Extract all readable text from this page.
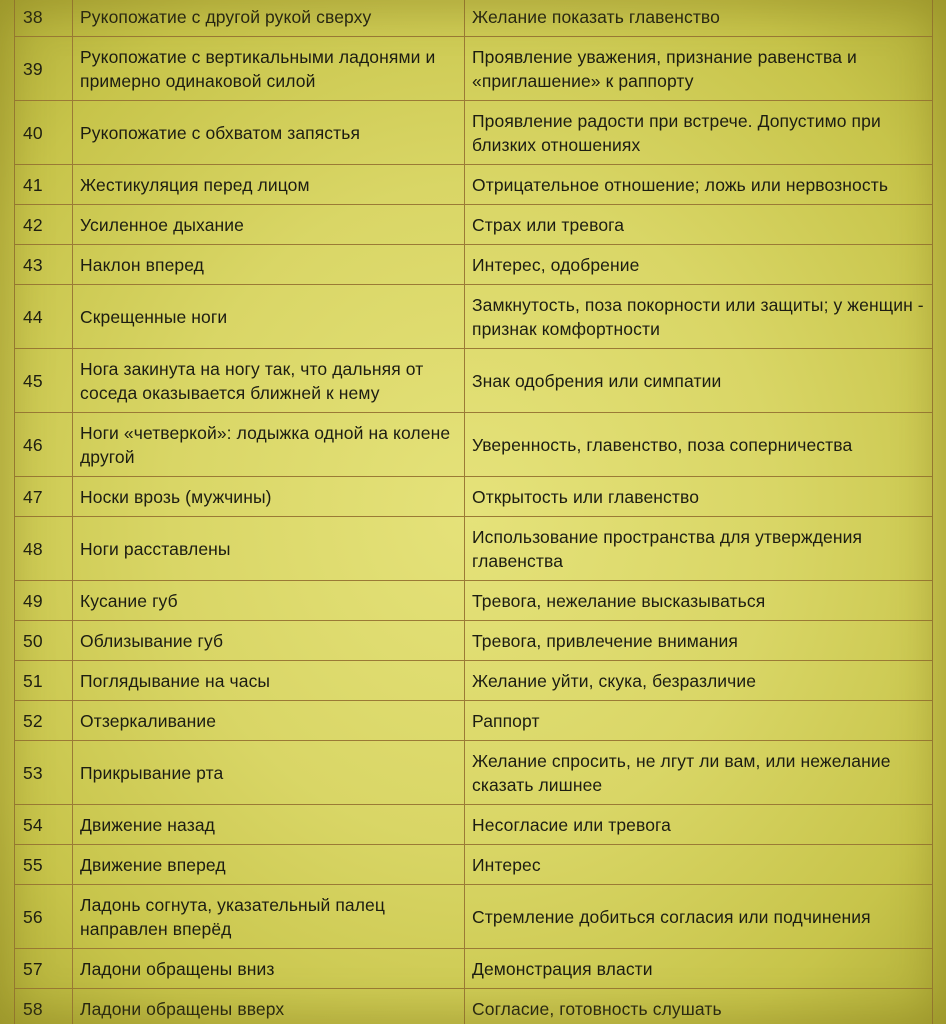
38	Рукопожатие с другой рукой сверху	Желание показать главенство
39	Рукопожатие с вертикальными ладонями и примерно одинаковой силой	Проявление уважения, признание равенства и «приглашение» к раппорту
40	Рукопожатие с обхватом запястья	Проявление радости при встрече. Допустимо при близких отношениях
41	Жестикуляция перед лицом	Отрицательное отношение; ложь или нервозность
42	Усиленное дыхание	Страх или тревога
43	Наклон вперед	Интерес, одобрение
44	Скрещенные ноги	Замкнутость, поза покорности или защиты; у женщин - признак комфортности
45	Нога закинута на ногу так, что дальняя от соседа оказывается ближней к нему	Знак одобрения или симпатии
46	Ноги «четверкой»: лодыжка одной на колене другой	Уверенность, главенство, поза соперничества
47	Носки врозь (мужчины)	Открытость или главенство
48	Ноги расставлены	Использование пространства для утверждения главенства
49	Кусание губ	Тревога, нежелание высказываться
50	Облизывание губ	Тревога, привлечение внимания
51	Поглядывание на часы	Желание уйти, скука, безразличие
52	Отзеркаливание	Раппорт
53	Прикрывание рта	Желание спросить, не лгут ли вам, или нежелание сказать лишнее
54	Движение назад	Несогласие или тревога
55	Движение вперед	Интерес
56	Ладонь согнута, указательный палец направлен вперёд	Стремление добиться согласия или подчинения
57	Ладони обращены вниз	Демонстрация власти
58	Ладони обращены вверх	Согласие, готовность слушать
